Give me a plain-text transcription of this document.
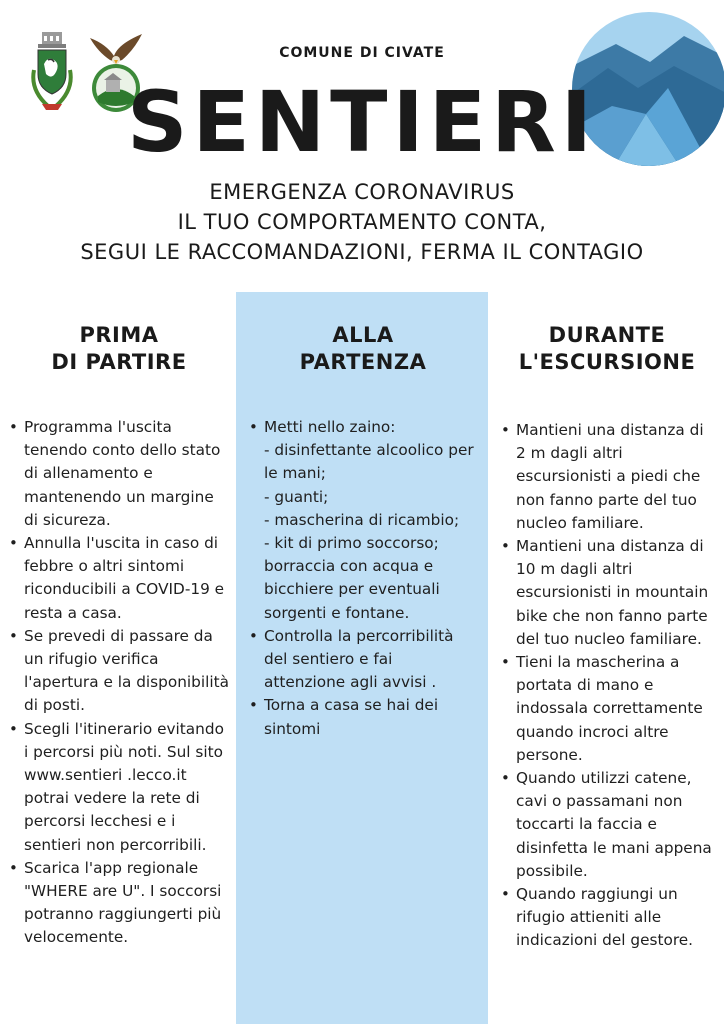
COMUNE DI CIVATE
SENTIERI
EMERGENZA CORONAVIRUS
IL TUO COMPORTAMENTO CONTA,
SEGUI LE RACCOMANDAZIONI, FERMA IL CONTAGIO
PRIMA
DI PARTIRE
• Programma l'uscita tenendo conto dello stato di allenamento e mantenendo un margine di sicureza.
• Annulla l'uscita in caso di febbre o altri sintomi riconducibili a COVID-19 e resta a casa.
• Se prevedi di passare da un rifugio verifica l'apertura e la disponibilità di posti.
• Scegli l'itinerario evitando i percorsi più noti. Sul sito www.sentieri .lecco.it potrai vedere la rete di percorsi lecchesi e i sentieri non percorribili.
• Scarica l'app regionale "WHERE are U". I soccorsi potranno raggiungerti più velocemente.
ALLA
PARTENZA
• Metti nello zaino:
- disinfettante alcoolico per le mani;
- guanti;
- mascherina di ricambio;
- kit di primo soccorso; borraccia con acqua e bicchiere per eventuali sorgenti e fontane.
• Controlla la percorribilità del sentiero e fai attenzione agli avvisi .
• Torna a casa se hai dei sintomi
DURANTE
L'ESCURSIONE
• Mantieni una distanza di 2 m dagli altri escursionisti a piedi che non fanno parte del tuo nucleo familiare.
• Mantieni una distanza di 10 m dagli altri escursionisti in mountain bike che non fanno parte del tuo nucleo familiare.
• Tieni la mascherina a portata di mano e indossala correttamente quando incroci altre persone.
• Quando utilizzi catene, cavi o passamani non toccarti la faccia e disinfetta le mani appena possibile.
• Quando raggiungi un rifugio attieniti alle indicazioni del gestore.
